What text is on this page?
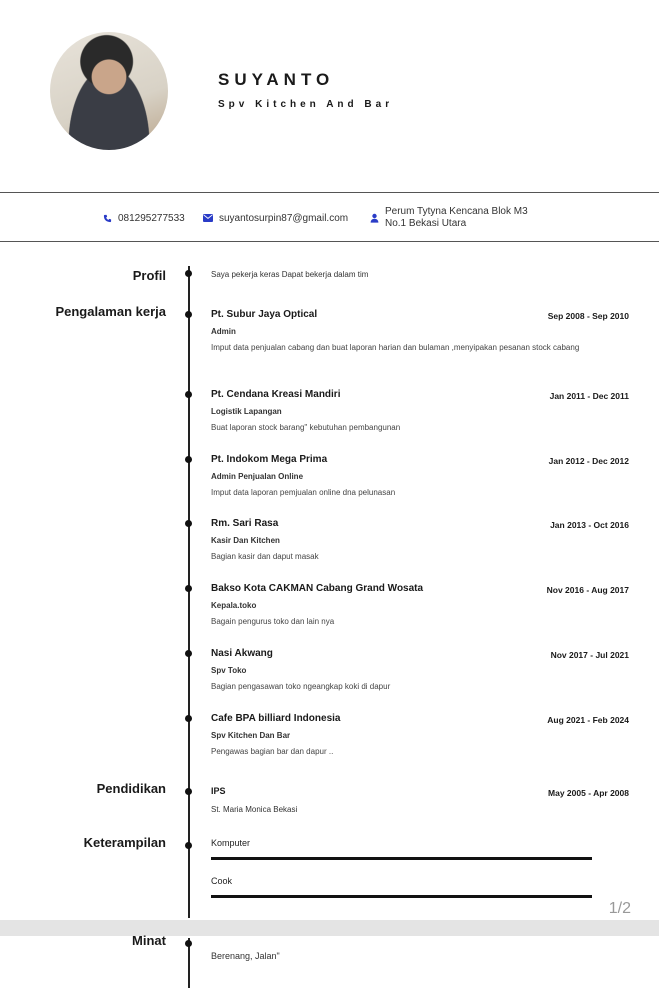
SUYANTO
Spv Kitchen And Bar
081295277533	suyantosurpin87@gmail.com
Perum Tytyna Kencana Blok M3
No.1 Bekasi Utara
Profil	Saya pekerja keras Dapat bekerja dalam tim
Pengalaman kerja	Pt. Subur Jaya Optical	Sep 2008 - Sep 2010
Admin
Imput data penjualan cabang dan buat laporan harian dan bulaman ,menyipakan pesanan stock cabang
Pt. Cendana Kreasi Mandiri	Jan 2011 - Dec 2011
Logistik Lapangan
Buat laporan stock barang" kebutuhan pembangunan
Pt. Indokom Mega Prima	Jan 2012 - Dec 2012
Admin Penjualan Online
Imput data laporan pemjualan online dna pelunasan
Rm. Sari Rasa	Jan 2013 - Oct 2016
Kasir Dan Kitchen
Bagian kasir dan daput masak
Bakso Kota CAKMAN Cabang Grand Wosata	Nov 2016 - Aug 2017
Kepala.toko
Bagain pengurus toko dan lain nya
Nasi Akwang	Nov 2017 - Jul 2021
Spv Toko
Bagian pengasawan toko ngeangkap koki di dapur
Cafe BPA billiard Indonesia	Aug 2021 - Feb 2024
Spv Kitchen Dan Bar
Pengawas bagian bar dan dapur ..
Pendidikan	IPS	May 2005 - Apr 2008
St. Maria Monica Bekasi
Keterampilan	Komputer
Cook
1/2
Minat
Berenang, Jalan"
